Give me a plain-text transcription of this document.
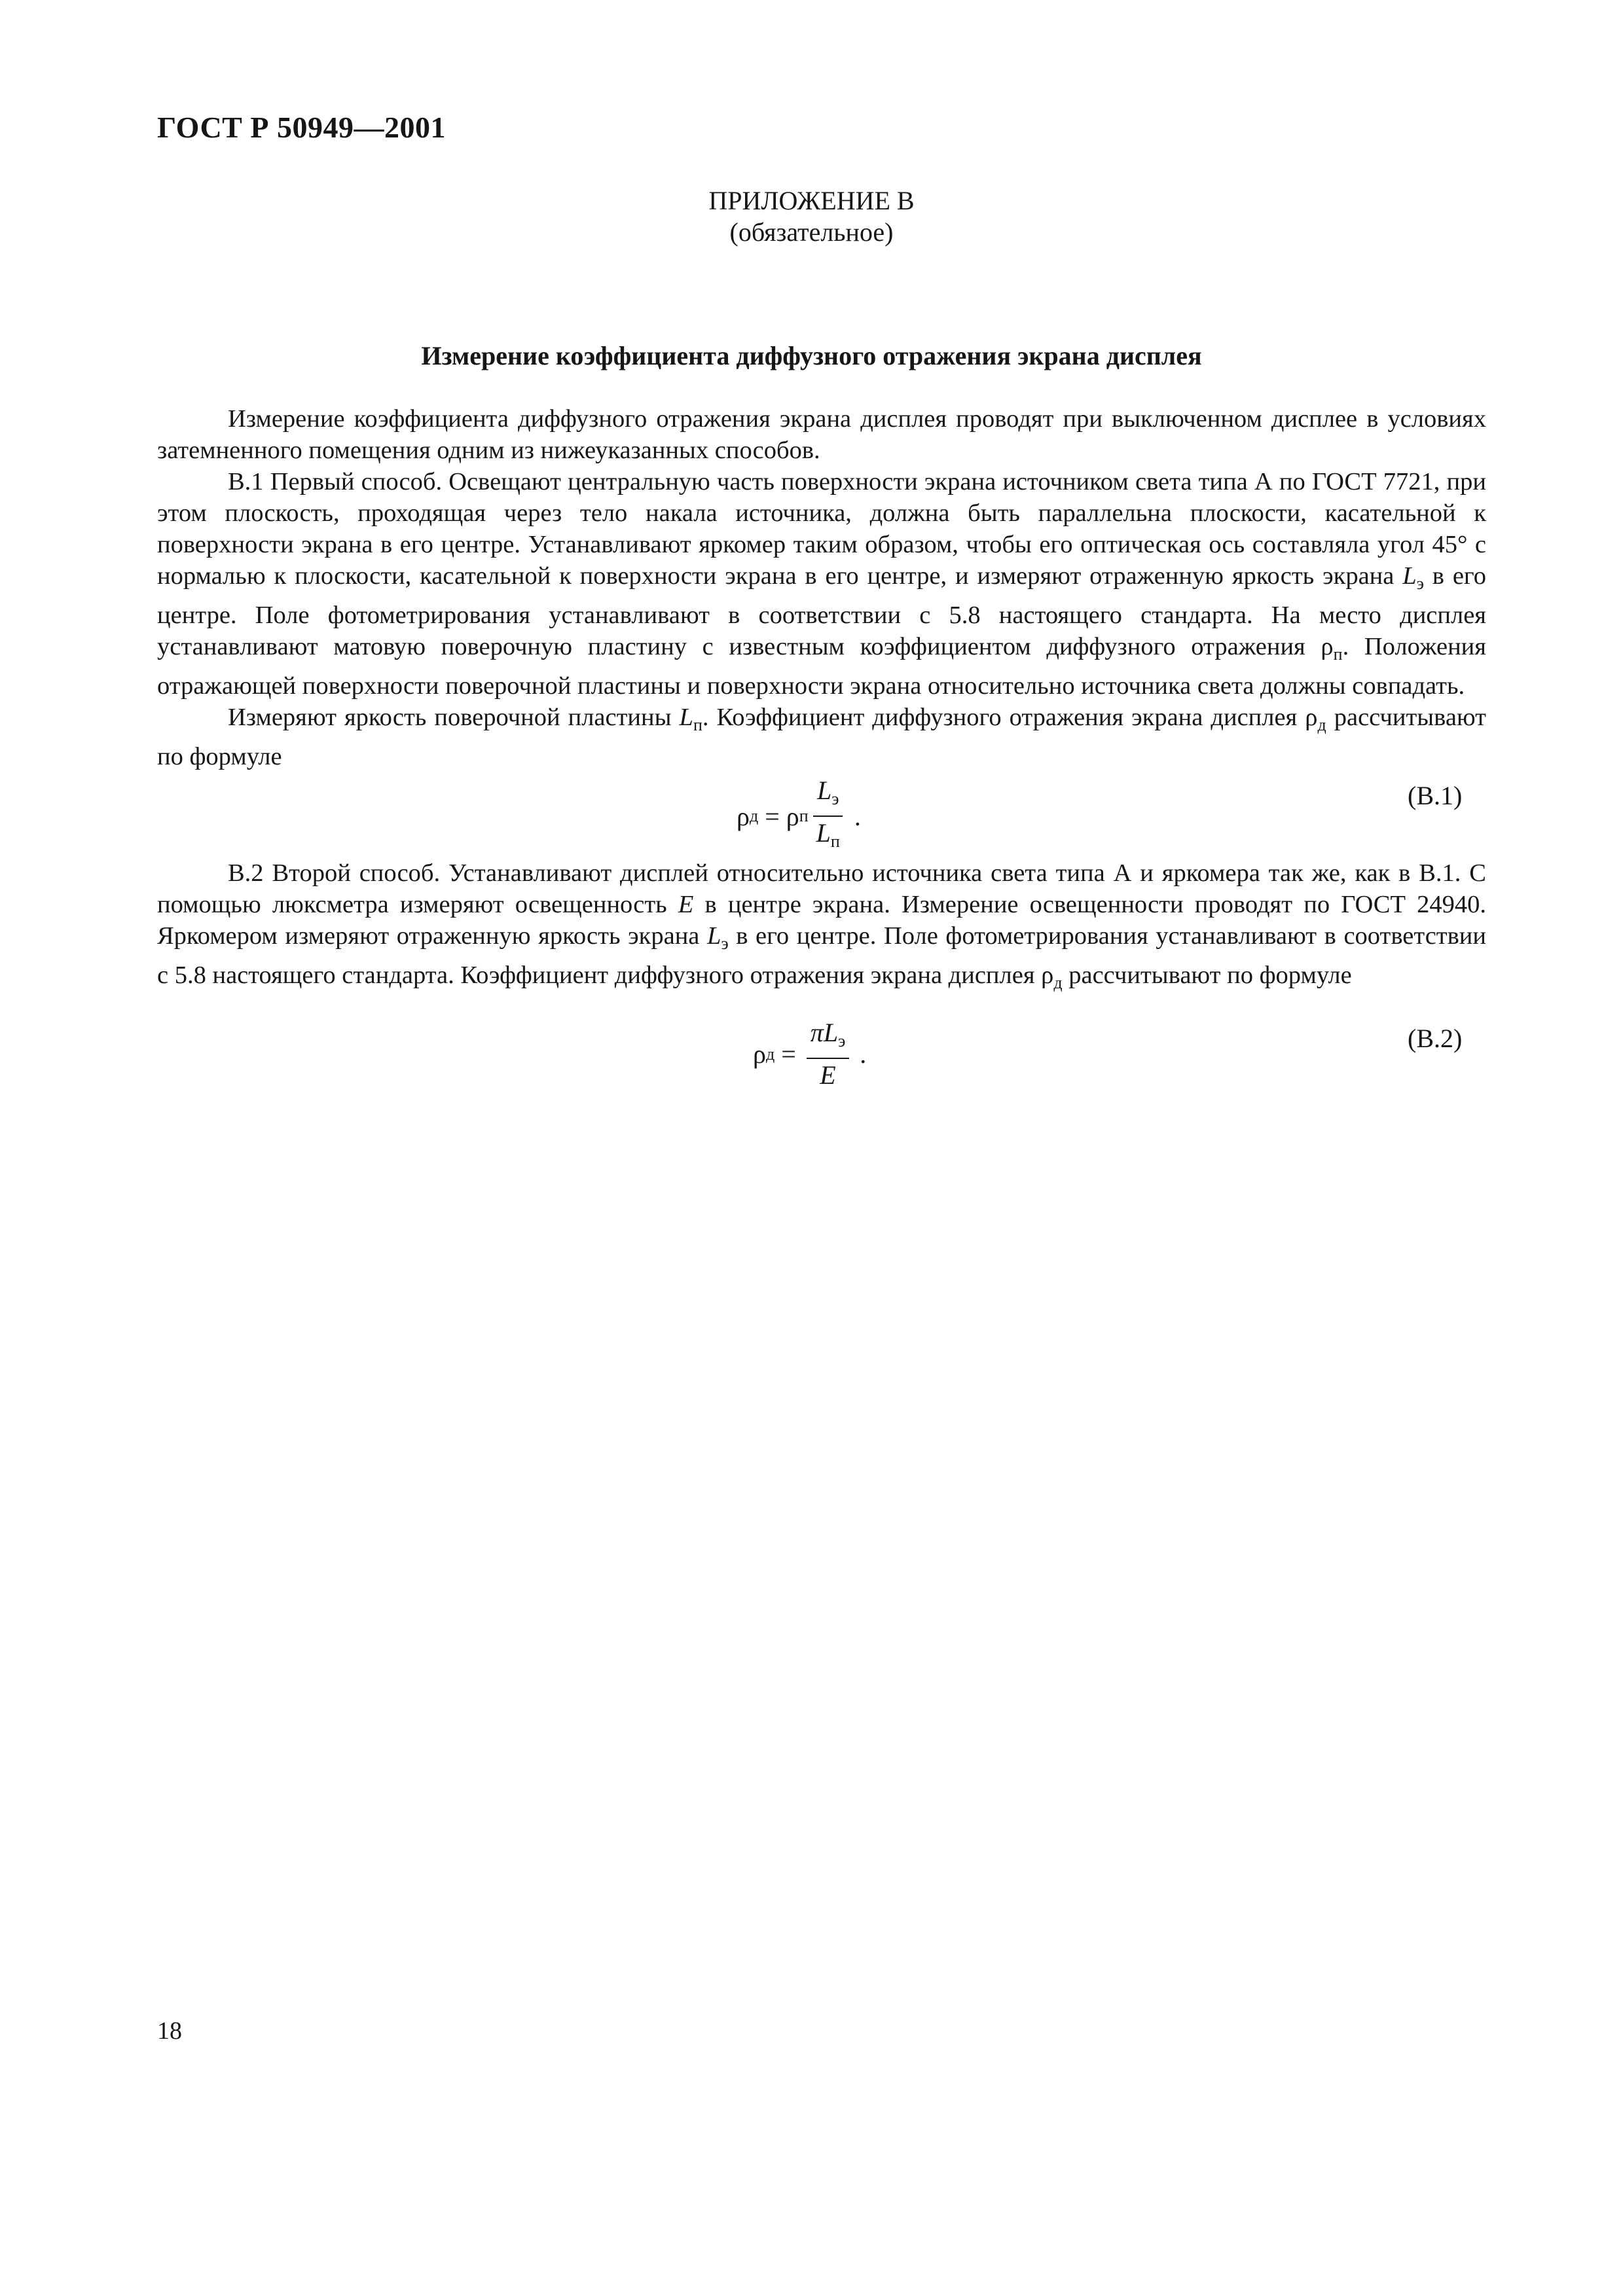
ГОСТ Р 50949—2001
ПРИЛОЖЕНИЕ В
(обязательное)
Измерение коэффициента диффузного отражения экрана дисплея

Измерение коэффициента диффузного отражения экрана дисплея проводят при выключенном дисплее в условиях затемненного помещения одним из нижеуказанных способов.

В.1 Первый способ. Освещают центральную часть поверхности экрана источником света типа А по ГОСТ 7721, при этом плоскость, проходящая через тело накала источника, должна быть параллельна плоскости, касательной к поверхности экрана в его центре. Устанавливают яркомер таким образом, чтобы его оптическая ось составляла угол 45° с нормалью к плоскости, касательной к поверхности экрана в его центре, и измеряют отраженную яркость экрана $L_э$ в его центре. Поле фотометрирования устанавливают в соответствии с 5.8 настоящего стандарта. На место дисплея устанавливают матовую поверочную пластину с известным коэффициентом диффузного отражения $\rho_п$. Положения отражающей поверхности поверочной пластины и поверхности экрана относительно источника света должны совпадать.

Измеряют яркость поверочной пластины $L_п$. Коэффициент диффузного отражения экрана дисплея $\rho_д$ рассчитывают по формуле

ρ д = ρ п $\frac{L_э}{L_п}$ .
(В.1)

В.2 Второй способ. Устанавливают дисплей относительно источника света типа А и яркомера так же, как в В.1. С помощью люксметра измеряют освещенность E в центре экрана. Измерение освещенности проводят по ГОСТ 24940. Яркомером измеряют отраженную яркость экрана $L_э$ в его центре. Поле фотометрирования устанавливают в соответствии с 5.8 настоящего стандарта. Коэффициент диффузного отражения экрана дисплея $\rho_д$ рассчитывают по формуле

ρ $д = \frac{\pi L_э}{E}$ .
(В.2)
18
